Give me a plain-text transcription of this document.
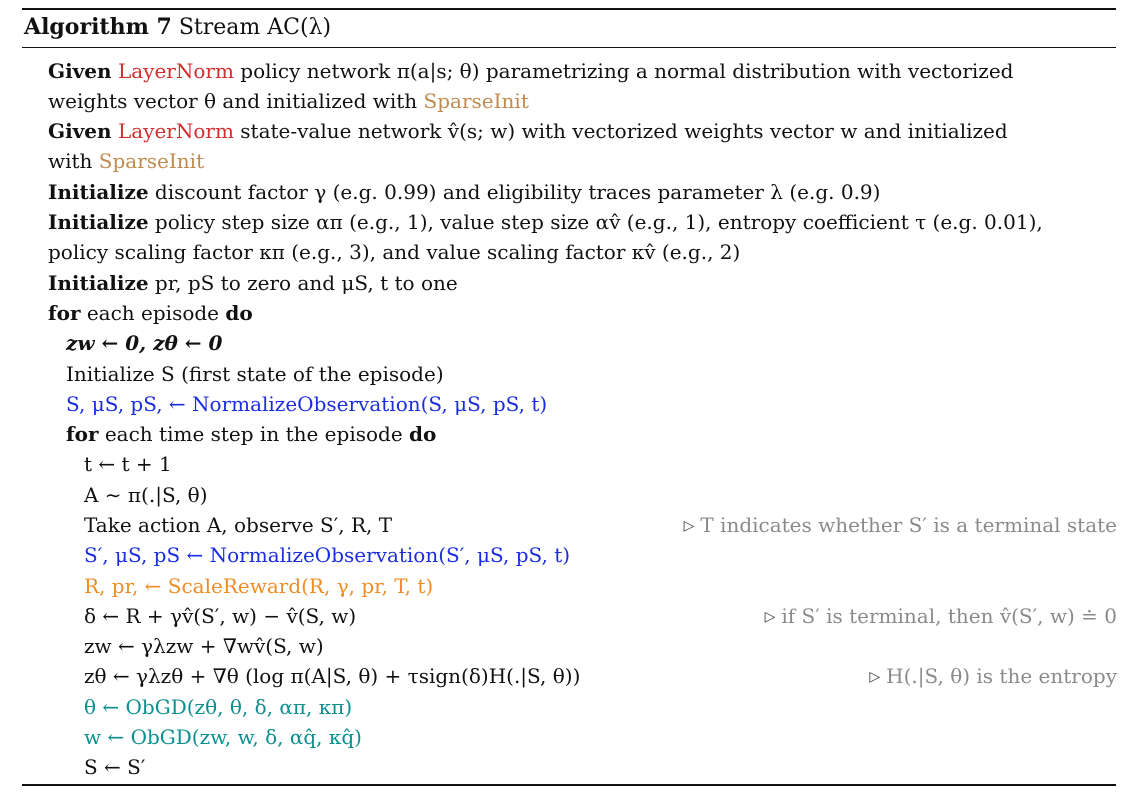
Algorithm 7 Stream AC(λ)
Given LayerNorm policy network π(a|s; θ) parametrizing a normal distribution with vectorized
weights vector θ and initialized with SparseInit
Given LayerNorm state-value network v̂(s; w) with vectorized weights vector w and initialized
with SparseInit
Initialize discount factor γ (e.g. 0.99) and eligibility traces parameter λ (e.g. 0.9)
Initialize policy step size απ (e.g., 1), value step size αv̂ (e.g., 1), entropy coefficient τ (e.g. 0.01),
policy scaling factor κπ (e.g., 3), and value scaling factor κv̂ (e.g., 2)
Initialize pr, pS to zero and μS, t to one
for each episode do
zw ← 0, zθ ← 0
Initialize S (first state of the episode)
S, μS, pS, ← NormalizeObservation(S, μS, pS, t)
for each time step in the episode do
t ← t + 1
A ∼ π(.|S, θ)
Take action A, observe S′, R, T	▷ T indicates whether S′ is a terminal state
S′, μS, pS ← NormalizeObservation(S′, μS, pS, t)
R, pr, ← ScaleReward(R, γ, pr, T, t)
δ ← R + γv̂(S′, w) − v̂(S, w)	▷ if S′ is terminal, then v̂(S′, w) ≐ 0
zw ← γλzw + ∇wv̂(S, w)
zθ ← γλzθ + ∇θ (log π(A|S, θ) + τsign(δ)H(.|S, θ))	▷ H(.|S, θ) is the entropy
θ ← ObGD(zθ, θ, δ, απ, κπ)
w ← ObGD(zw, w, δ, αq̂, κq̂)
S ← S′
